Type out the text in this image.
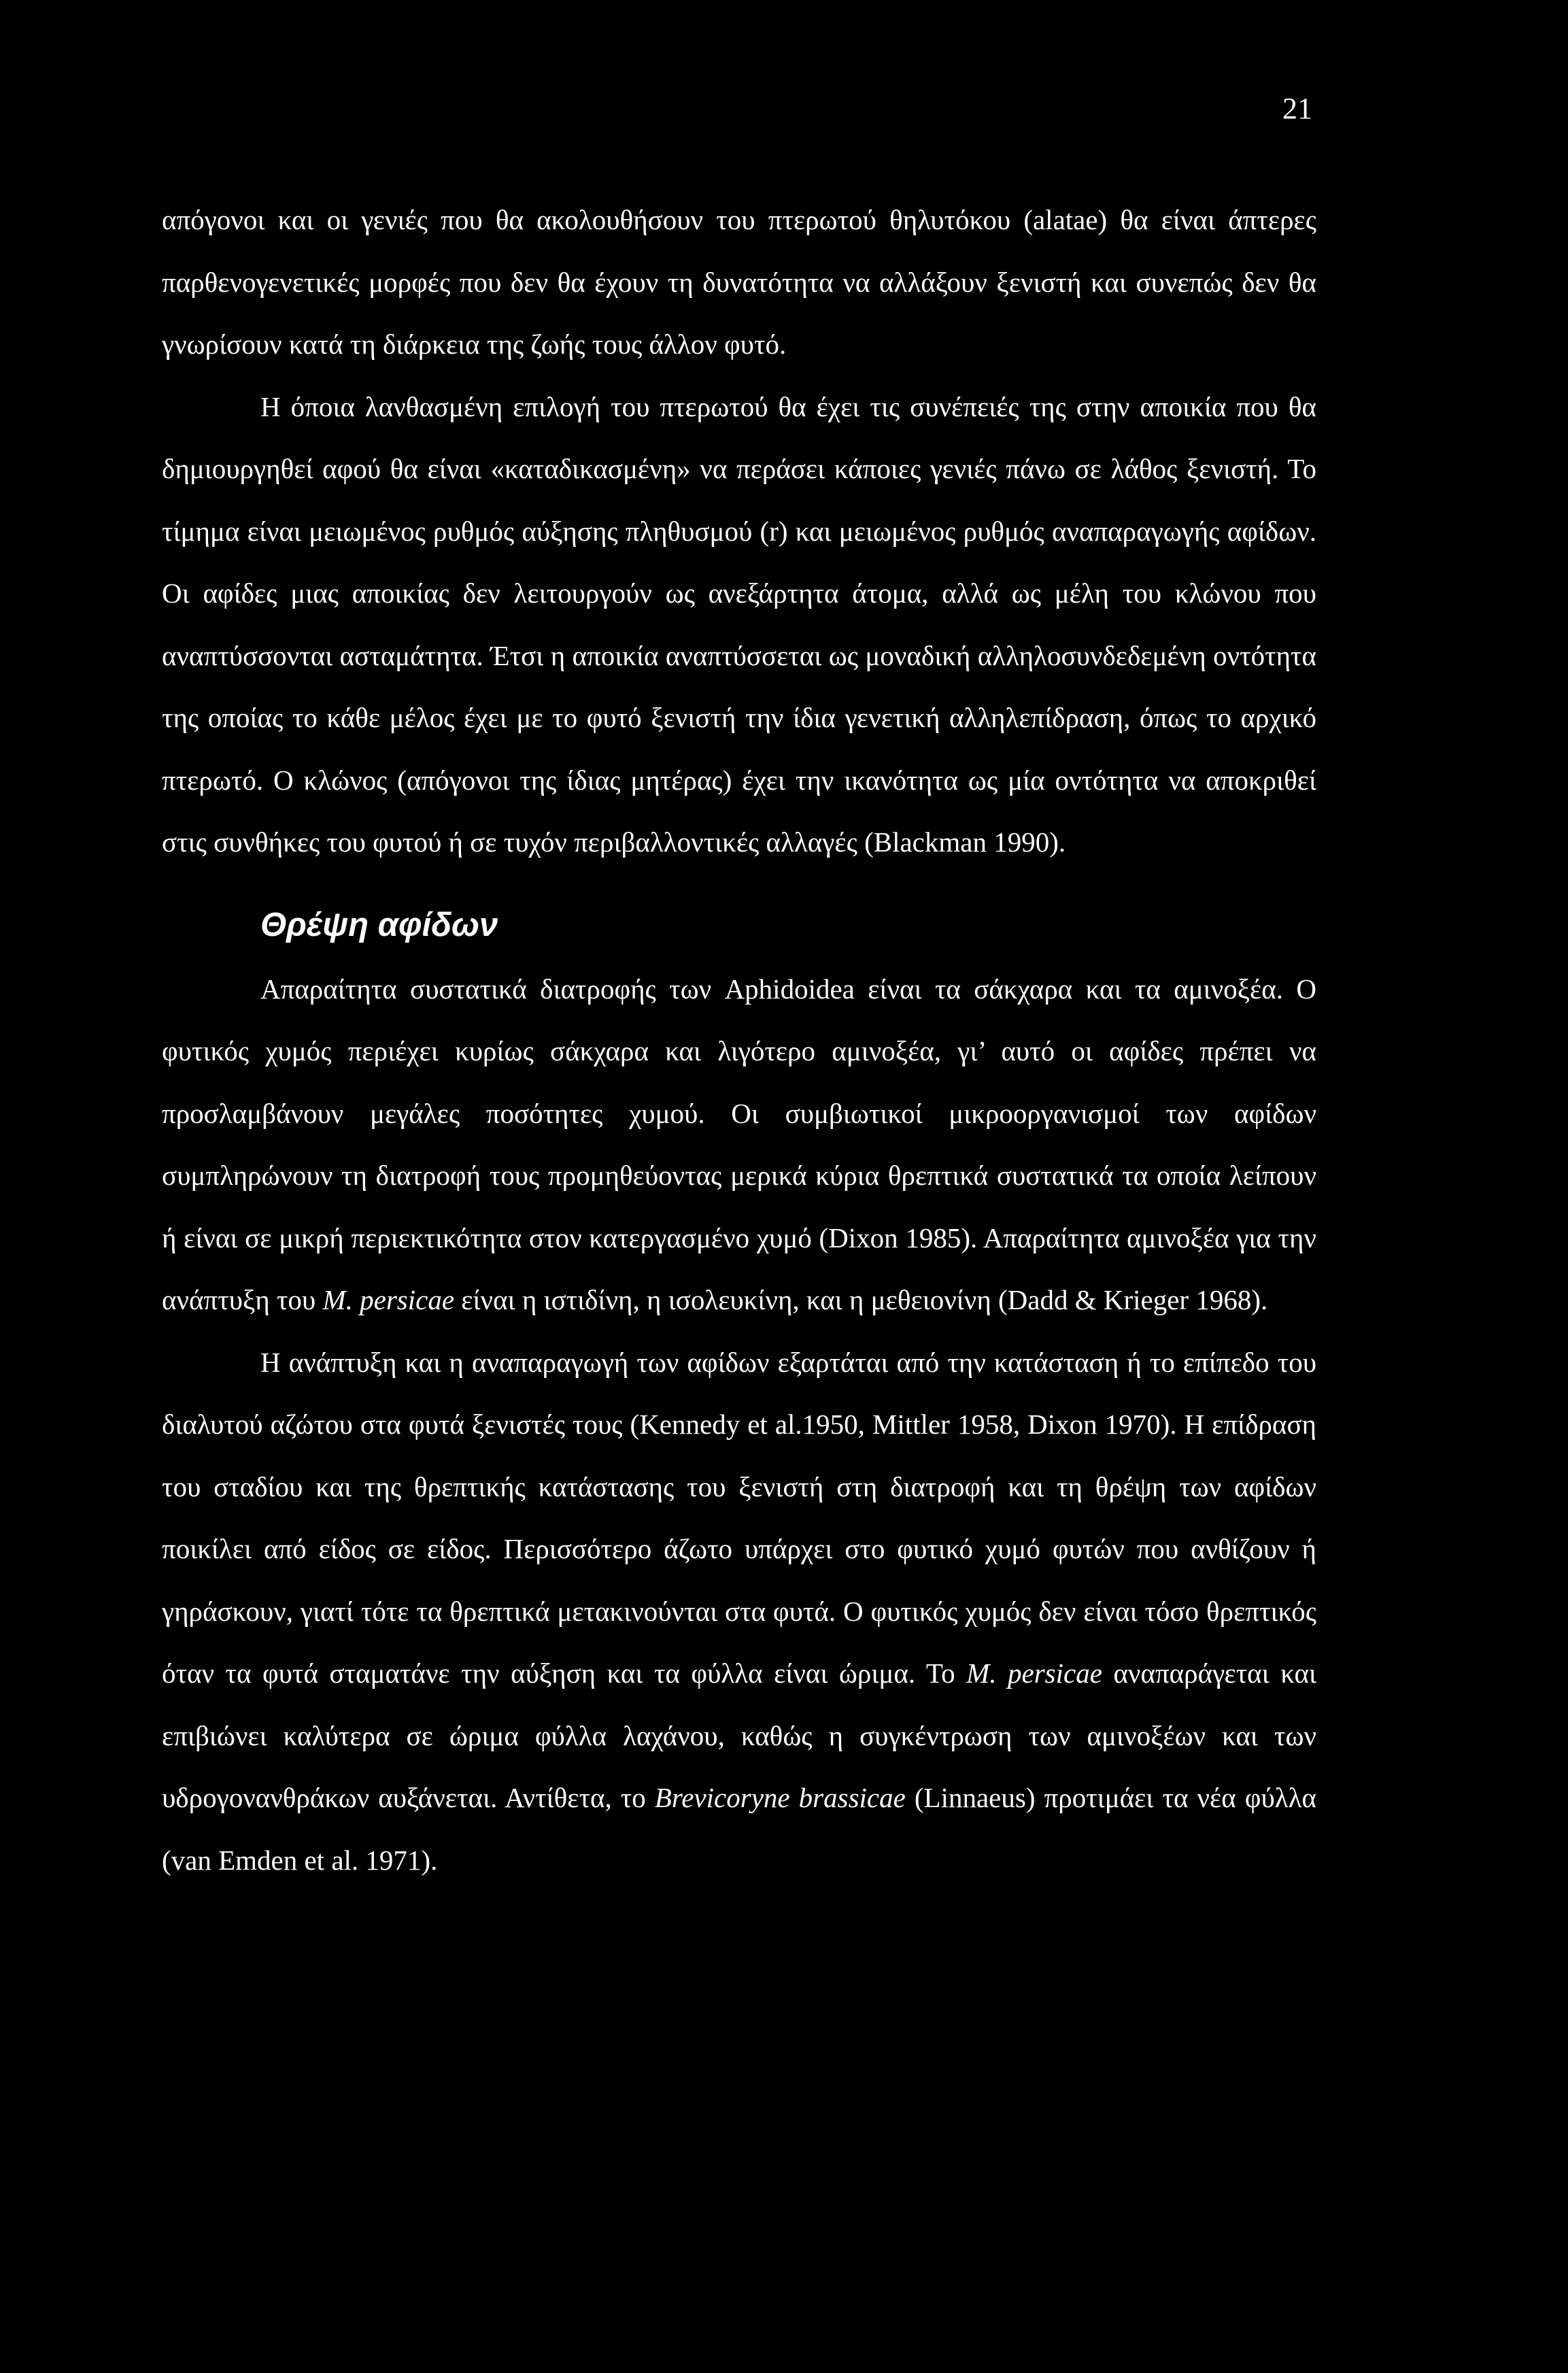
21

απόγονοι και οι γενιές που θα ακολουθήσουν του πτερωτού θηλυτόκου (alatae) θα είναι άπτερες παρθενογενετικές μορφές που δεν θα έχουν τη δυνατότητα να αλλάξουν ξενιστή και συνεπώς δεν θα γνωρίσουν κατά τη διάρκεια της ζωής τους άλλον φυτό.

Η όποια λανθασμένη επιλογή του πτερωτού θα έχει τις συνέπειές της στην αποικία που θα δημιουργηθεί αφού θα είναι «καταδικασμένη» να περάσει κάποιες γενιές πάνω σε λάθος ξενιστή. Το τίμημα είναι μειωμένος ρυθμός αύξησης πληθυσμού (r) και μειωμένος ρυθμός αναπαραγωγής αφίδων. Οι αφίδες μιας αποικίας δεν λειτουργούν ως ανεξάρτητα άτομα, αλλά ως μέλη του κλώνου που αναπτύσσονται ασταμάτητα. Έτσι η αποικία αναπτύσσεται ως μοναδική αλληλοσυνδεδεμένη οντότητα της οποίας το κάθε μέλος έχει με το φυτό ξενιστή την ίδια γενετική αλληλεπίδραση, όπως το αρχικό πτερωτό. Ο κλώνος (απόγονοι της ίδιας μητέρας) έχει την ικανότητα ως μία οντότητα να αποκριθεί στις συνθήκες του φυτού ή σε τυχόν περιβαλλοντικές αλλαγές (Blackman 1990).

Θρέψη αφίδων

Απαραίτητα συστατικά διατροφής των Aphidoidea είναι τα σάκχαρα και τα αμινοξέα. Ο φυτικός χυμός περιέχει κυρίως σάκχαρα και λιγότερο αμινοξέα, γι’ αυτό οι αφίδες πρέπει να προσλαμβάνουν μεγάλες ποσότητες χυμού. Οι συμβιωτικοί μικροοργανισμοί των αφίδων συμπληρώνουν τη διατροφή τους προμηθεύοντας μερικά κύρια θρεπτικά συστατικά τα οποία λείπουν ή είναι σε μικρή περιεκτικότητα στον κατεργασμένο χυμό (Dixon 1985). Απαραίτητα αμινοξέα για την ανάπτυξη του M. persicae είναι η ιστιδίνη, η ισολευκίνη, και η μεθειονίνη (Dadd & Krieger 1968).

Η ανάπτυξη και η αναπαραγωγή των αφίδων εξαρτάται από την κατάσταση ή το επίπεδο του διαλυτού αζώτου στα φυτά ξενιστές τους (Kennedy et al.1950, Mittler 1958, Dixon 1970). Η επίδραση του σταδίου και της θρεπτικής κατάστασης του ξενιστή στη διατροφή και τη θρέψη των αφίδων ποικίλει από είδος σε είδος. Περισσότερο άζωτο υπάρχει στο φυτικό χυμό φυτών που ανθίζουν ή γηράσκουν, γιατί τότε τα θρεπτικά μετακινούνται στα φυτά. Ο φυτικός χυμός δεν είναι τόσο θρεπτικός όταν τα φυτά σταματάνε την αύξηση και τα φύλλα είναι ώριμα. Το M. persicae αναπαράγεται και επιβιώνει καλύτερα σε ώριμα φύλλα λαχάνου, καθώς η συγκέντρωση των αμινοξέων και των υδρογονανθράκων αυξάνεται. Αντίθετα, το Brevicoryne brassicae (Linnaeus) προτιμάει τα νέα φύλλα (van Emden et al. 1971).
